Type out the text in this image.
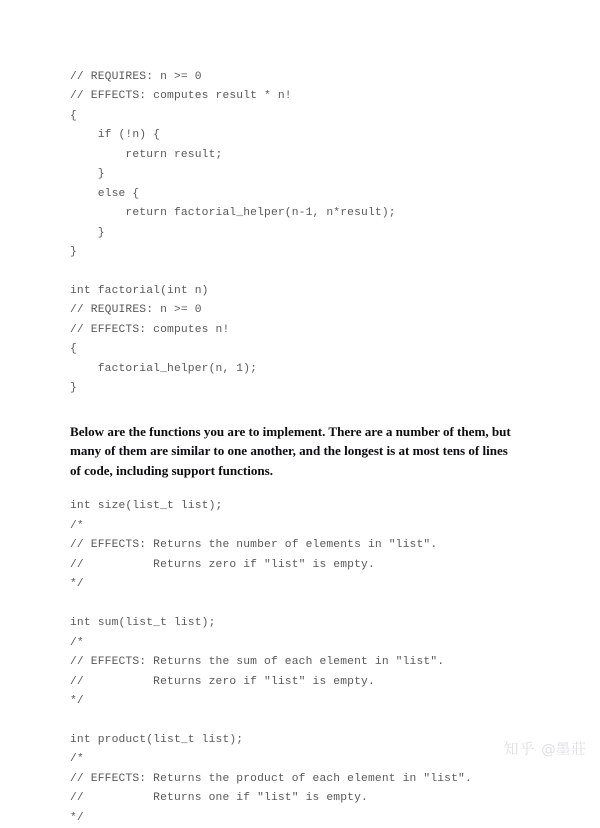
// REQUIRES: n >= 0
// EFFECTS: computes result * n!
{
if (!n) {
return result;
}
else {
return factorial_helper(n-1, n*result);
}
}
int factorial(int n)
// REQUIRES: n >= 0
// EFFECTS: computes n!
{
factorial_helper(n, 1);
}

Below are the functions you are to implement. There are a number of them, but many of them are similar to one another, and the longest is at most tens of lines of code, including support functions.

int size(list_t list);
/*
// EFFECTS: Returns the number of elements in "list".
//          Returns zero if "list" is empty.
*/
int sum(list_t list);
/*
// EFFECTS: Returns the sum of each element in "list".
//          Returns zero if "list" is empty.
*/
int product(list_t list);
/*
// EFFECTS: Returns the product of each element in "list".
//          Returns one if "list" is empty.
*/
知乎 @墨莊
